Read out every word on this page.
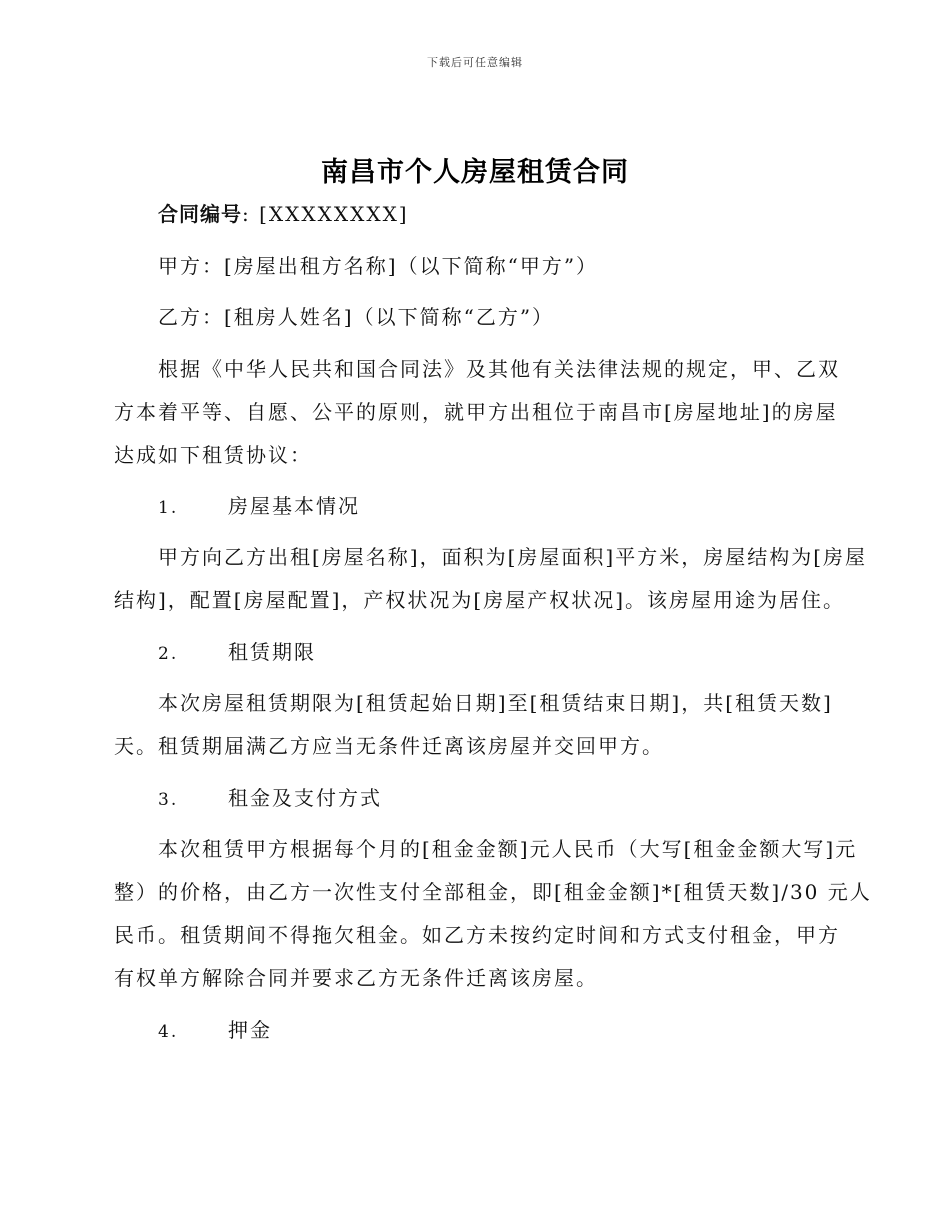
下载后可任意编辑
南昌市个人房屋租赁合同
合同编号: [XXXXXXXX]
甲方：[房屋出租方名称]（以下简称“甲方”）
乙方：[租房人姓名]（以下简称“乙方”）
根据《中华人民共和国合同法》及其他有关法律法规的规定，甲、乙双
方本着平等、自愿、公平的原则，就甲方出租位于南昌市[房屋地址]的房屋
达成如下租赁协议：
1. 房屋基本情况
甲方向乙方出租[房屋名称]，面积为[房屋面积]平方米，房屋结构为[房屋
结构]，配置[房屋配置]，产权状况为[房屋产权状况]。该房屋用途为居住。
2. 租赁期限
本次房屋租赁期限为[租赁起始日期]至[租赁结束日期]，共[租赁天数]
天。租赁期届满乙方应当无条件迁离该房屋并交回甲方。
3. 租金及支付方式
本次租赁甲方根据每个月的[租金金额]元人民币（大写[租金金额大写]元
整）的价格，由乙方一次性支付全部租金，即[租金金额]*[租赁天数]/30 元人
民币。租赁期间不得拖欠租金。如乙方未按约定时间和方式支付租金，甲方
有权单方解除合同并要求乙方无条件迁离该房屋。
4. 押金
